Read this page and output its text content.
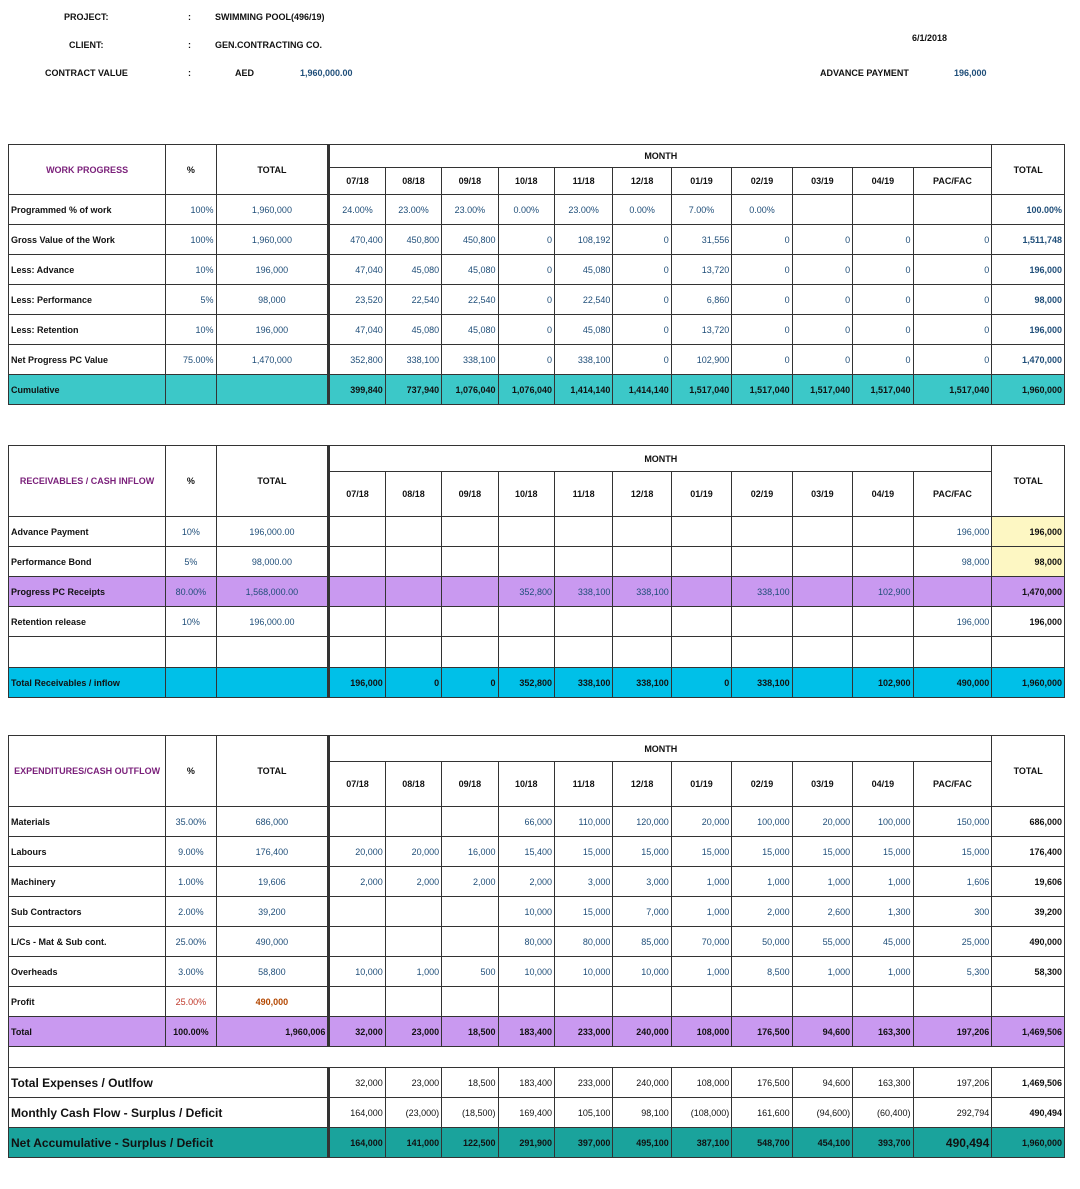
PROJECT:	:	SWIMMING POOL(496/19)
CLIENT:	:	GEN.CONTRACTING CO.
6/1/2018
CONTRACT VALUE	:	AED	1,960,000.00	ADVANCE PAYMENT	196,000
WORK PROGRESS	%	TOTAL	MONTH											TOTAL
			07/18	08/18	09/18	10/18	11/18	12/18	01/19	02/19	03/19	04/19	PAC/FAC	
Programmed % of work	100%	1,960,000	24.00%	23.00%	23.00%	0.00%	23.00%	0.00%	7.00%	0.00%				100.00%
Gross Value of the Work	100%	1,960,000	470,400	450,800	450,800	0	108,192	0	31,556	0	0	0	0	1,511,748
Less: Advance	10%	196,000	47,040	45,080	45,080	0	45,080	0	13,720	0	0	0	0	196,000
Less: Performance	5%	98,000	23,520	22,540	22,540	0	22,540	0	6,860	0	0	0	0	98,000
Less: Retention	10%	196,000	47,040	45,080	45,080	0	45,080	0	13,720	0	0	0	0	196,000
Net Progress PC Value	75.00%	1,470,000	352,800	338,100	338,100	0	338,100	0	102,900	0	0	0	0	1,470,000
Cumulative			399,840	737,940	1,076,040	1,076,040	1,414,140	1,414,140	1,517,040	1,517,040	1,517,040	1,517,040	1,517,040	1,960,000
RECEIVABLES / CASH INFLOW	%	TOTAL	MONTH											TOTAL
			07/18	08/18	09/18	10/18	11/18	12/18	01/19	02/19	03/19	04/19	PAC/FAC	
Advance Payment	10%	196,000.00											196,000	196,000
Performance Bond	5%	98,000.00											98,000	98,000
Progress PC Receipts	80.00%	1,568,000.00				352,800	338,100	338,100		338,100		102,900		1,470,000
Retention release	10%	196,000.00											196,000	196,000

Total Receivables / inflow			196,000	0	0	352,800	338,100	338,100	0	338,100		102,900	490,000	1,960,000
EXPENDITURES/CASH OUTFLOW	%	TOTAL	MONTH											TOTAL
			07/18	08/18	09/18	10/18	11/18	12/18	01/19	02/19	03/19	04/19	PAC/FAC	
Materials	35.00%	686,000				66,000	110,000	120,000	20,000	100,000	20,000	100,000	150,000	686,000
Labours	9.00%	176,400	20,000	20,000	16,000	15,400	15,000	15,000	15,000	15,000	15,000	15,000	15,000	176,400
Machinery	1.00%	19,606	2,000	2,000	2,000	2,000	3,000	3,000	1,000	1,000	1,000	1,000	1,606	19,606
Sub Contractors	2.00%	39,200				10,000	15,000	7,000	1,000	2,000	2,600	1,300	300	39,200
L/Cs - Mat & Sub cont.	25.00%	490,000				80,000	80,000	85,000	70,000	50,000	55,000	45,000	25,000	490,000
Overheads	3.00%	58,800	10,000	1,000	500	10,000	10,000	10,000	1,000	8,500	1,000	1,000	5,300	58,300
Profit	25.00%	490,000												
Total	100.00%	1,960,006	32,000	23,000	18,500	183,400	233,000	240,000	108,000	176,500	94,600	163,300	197,206	1,469,506

Total Expenses / Outlfow			32,000	23,000	18,500	183,400	233,000	240,000	108,000	176,500	94,600	163,300	197,206	1,469,506
Monthly Cash Flow - Surplus / Deficit			164,000	(23,000)	(18,500)	169,400	105,100	98,100	(108,000)	161,600	(94,600)	(60,400)	292,794	490,494
Net Accumulative - Surplus / Deficit			164,000	141,000	122,500	291,900	397,000	495,100	387,100	548,700	454,100	393,700	490,494	1,960,000
